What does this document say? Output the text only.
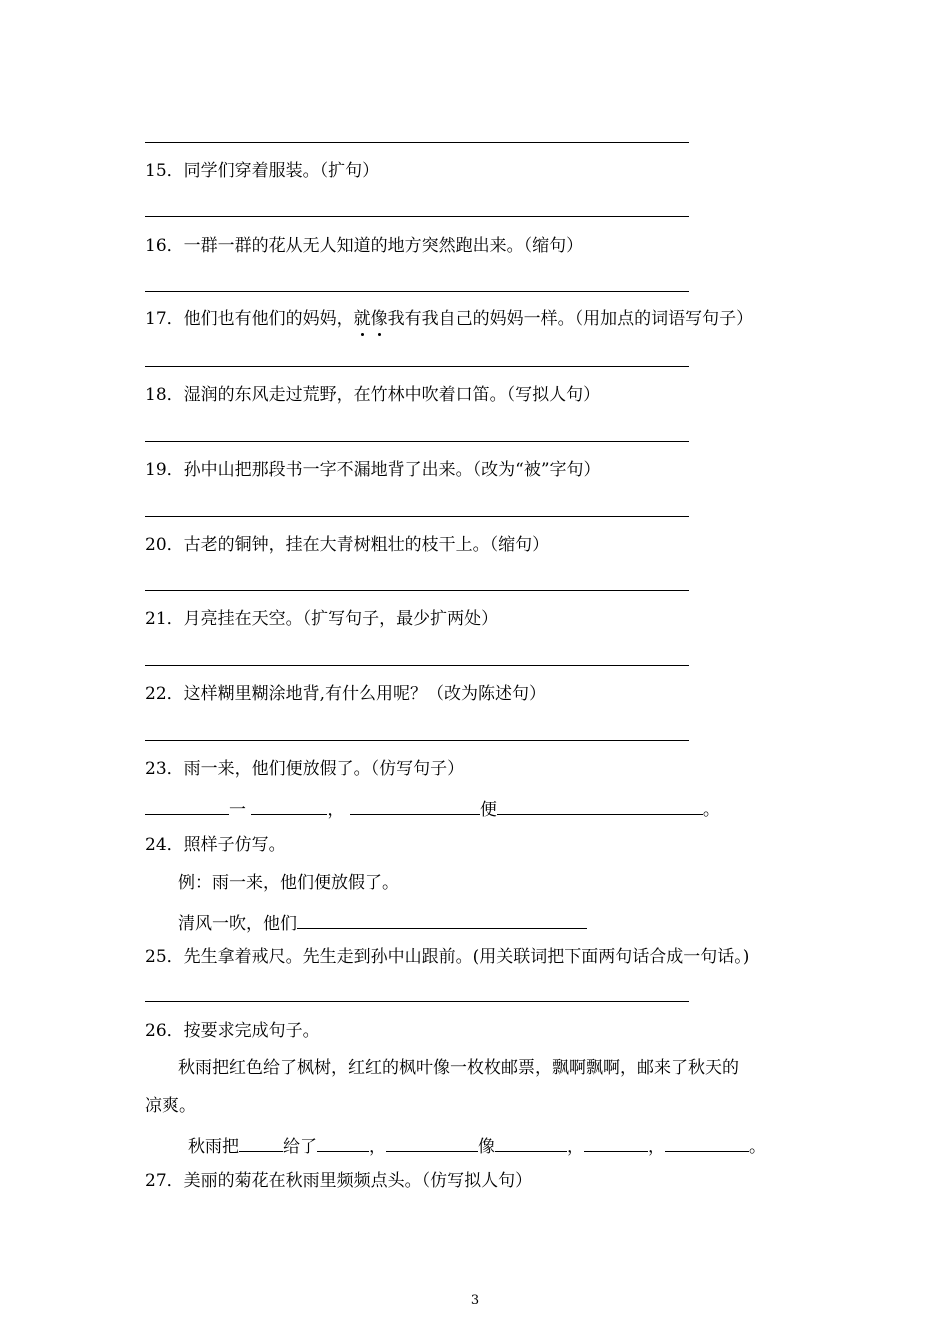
15．同学们穿着服装。（扩句）
16．一群一群的花从无人知道的地方突然跑出来。（缩句）
17．他们也有他们的妈妈，就像我有我自己的妈妈一样。（用加点的词语写句子）
18．湿润的东风走过荒野，在竹林中吹着口笛。（写拟人句）
19．孙中山把那段书一字不漏地背了出来。（改为“被”字句）
20．古老的铜钟，挂在大青树粗壮的枝干上。（缩句）
21．月亮挂在天空。（扩写句子，最少扩两处）
22．这样糊里糊涂地背,有什么用呢？（改为陈述句）
23．雨一来，他们便放假了。（仿写句子）
一	，	便	。
24．照样子仿写。
例：雨一来，他们便放假了。
清风一吹，他们
25．先生拿着戒尺。先生走到孙中山跟前。(用关联词把下面两句话合成一句话。)
26．按要求完成句子。
秋雨把红色给了枫树，红红的枫叶像一枚枚邮票，飘啊飘啊，邮来了秋天的
凉爽。
秋雨把	给了	，	像	，	，	。
27．美丽的菊花在秋雨里频频点头。（仿写拟人句）
3
